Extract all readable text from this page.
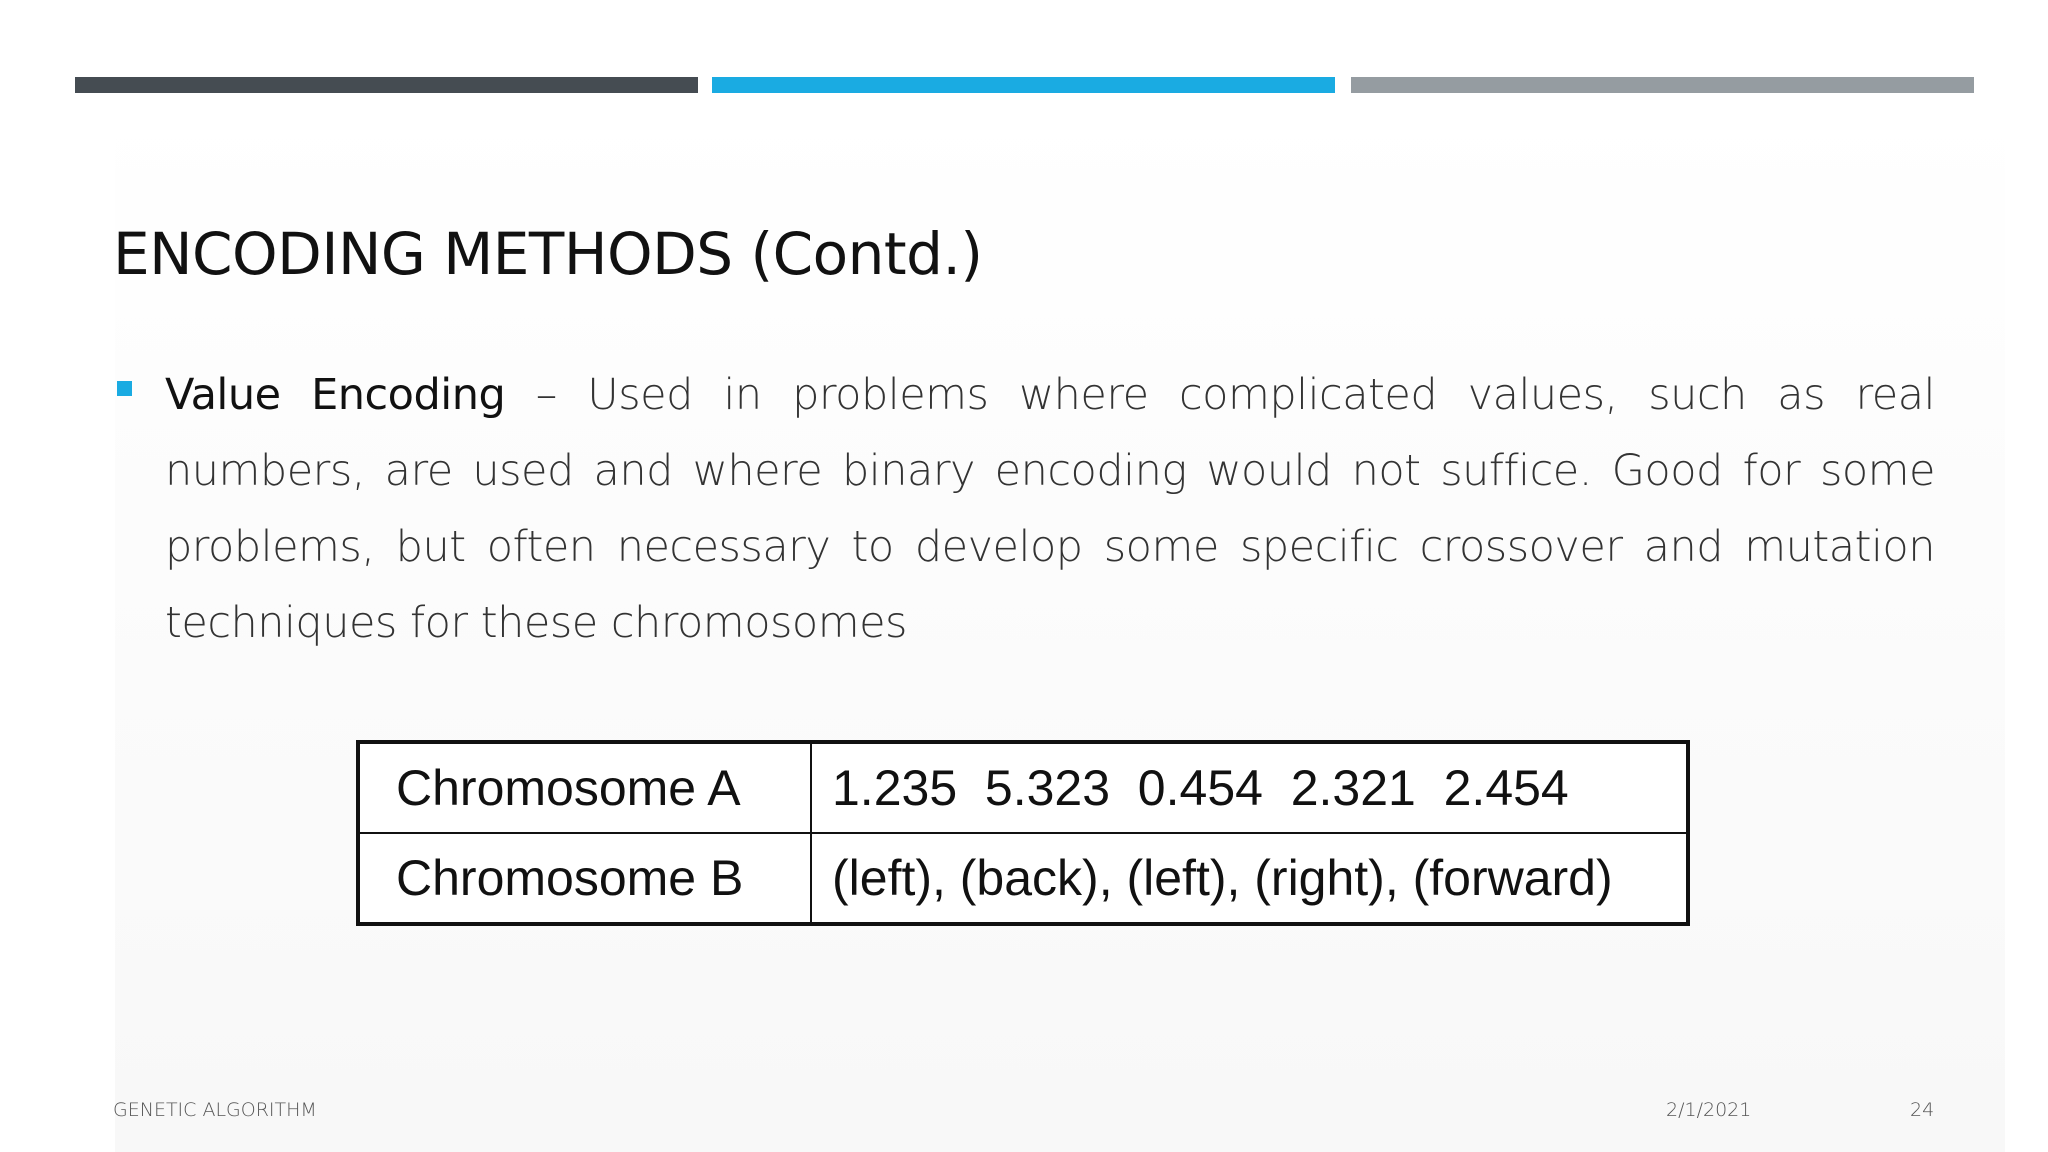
ENCODING METHODS (Contd.)
Value Encoding – Used in problems where complicated values, such as real numbers, are used and where binary encoding would not suffice. Good for some problems, but often necessary to develop some specific crossover and mutation techniques for these chromosomes
Chromosome A	1.235  5.323  0.454  2.321  2.454
Chromosome B	(left), (back), (left), (right), (forward)
GENETIC ALGORITHM	2/1/2021	24
